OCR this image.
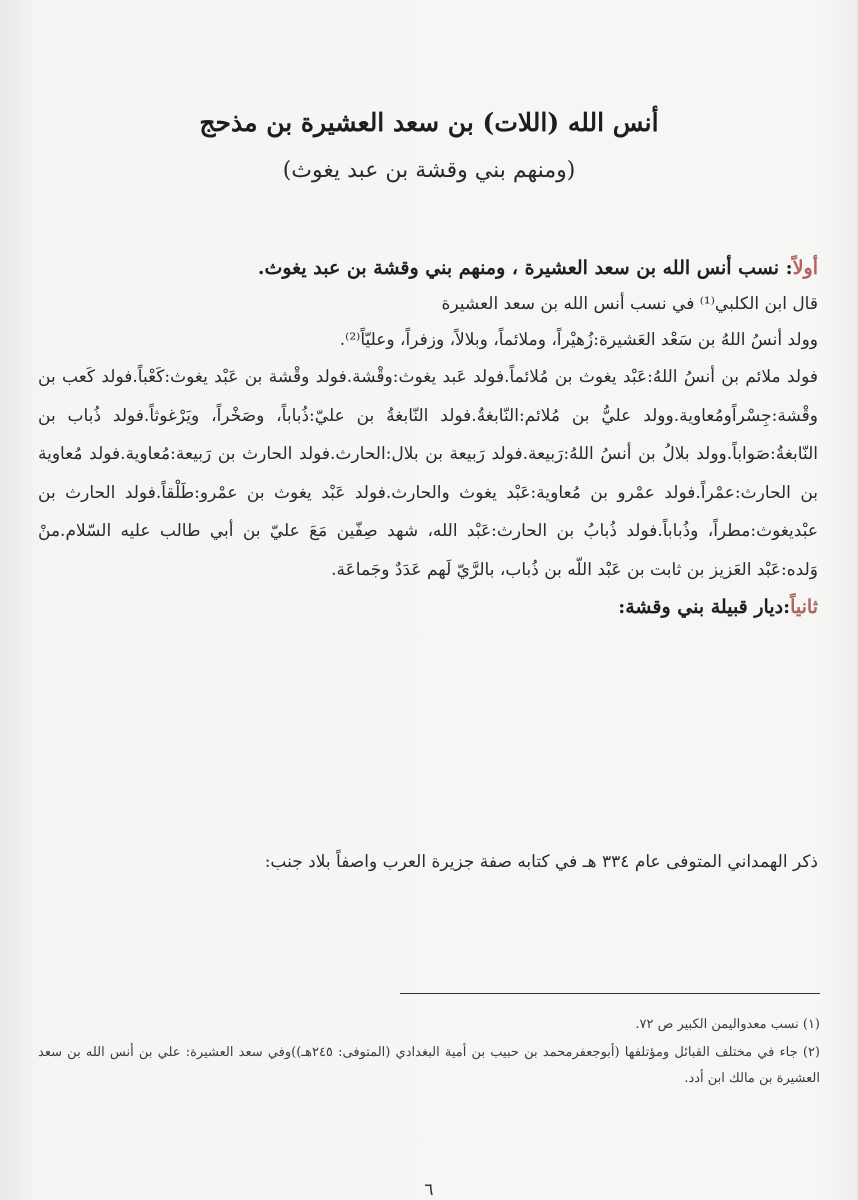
أنس الله (اللات) بن سعد العشيرة بن مذحج
(ومنهم بني وقشة بن عبد يغوث)

أولاً: نسب أنس الله بن سعد العشيرة ، ومنهم بني وقشة بن عبد يغوث.

قال ابن الكلبي⁽¹⁾ في نسب أنس الله بن سعد العشيرة

وولد أنسُ اللهُ بن سَعْد العَشيرة:زُهيْراً، وملائماً، وبلالاً، وزفراً، وعليّاً⁽²⁾.

فولد ملائم بن أنسُ اللهُ:عَبْد يغوث بن مُلائماً.فولد عَبد يغوث:وقْشة.فولد وقْشة بن عَبْد يغوث:كَعْباً.فولد كَعب بن وقْشة:جِسْراًومُعاوية.وولد عليُّ بن مُلائم:النّابغةُ.فولد النّابغةُ بن عليّ:ذُباباً، وصَخْراً، ويَرْغوثاً.فولد ذُباب بن النّابغةُ:صَواباً.وولد بلالُ بن أنسُ اللهُ:رَبيعة.فولد رَبيعة بن بلال:الحارث.فولد الحارث بن رَبيعة:مُعاوية.فولد مُعاوية بن الحارث:عمْراً.فولد عمْرو بن مُعاوية:عَبْد يغوث والحارث.فولد عَبْد يغوث بن عمْرو:طَلْقاً.فولد الحارث بن عبْديغوث:مطراً، وذُباباً.فولد ذُبابُ بن الحارث:عَبْد الله، شهد صِفّين مَعَ عليّ بن أبي طالب عليه السّلام.منْ وَلده:عَبْد العَزيز بن ثابت بن عَبْد اللّه بن ذُباب، بالرَّيّ لَهم عَدَدٌ وجَماعَة.

ثانياً:ديار قبيلة بني وقشة:

ذكر الهمداني المتوفى عام ٣٣٤ هـ في كتابه صفة جزيرة العرب واصفاً بلاد جنب:

(١) نسب معدواليمن الكبير ص ٧٢.

(٢) جاء في مختلف القبائل ومؤتلفها (أبوجعفرمحمد بن حبيب بن أمية البغدادي (المتوفى: ٢٤٥هـ))وفي سعد العشيرة: علي بن أنس الله بن سعد العشيرة بن مالك ابن أدد.

٦
